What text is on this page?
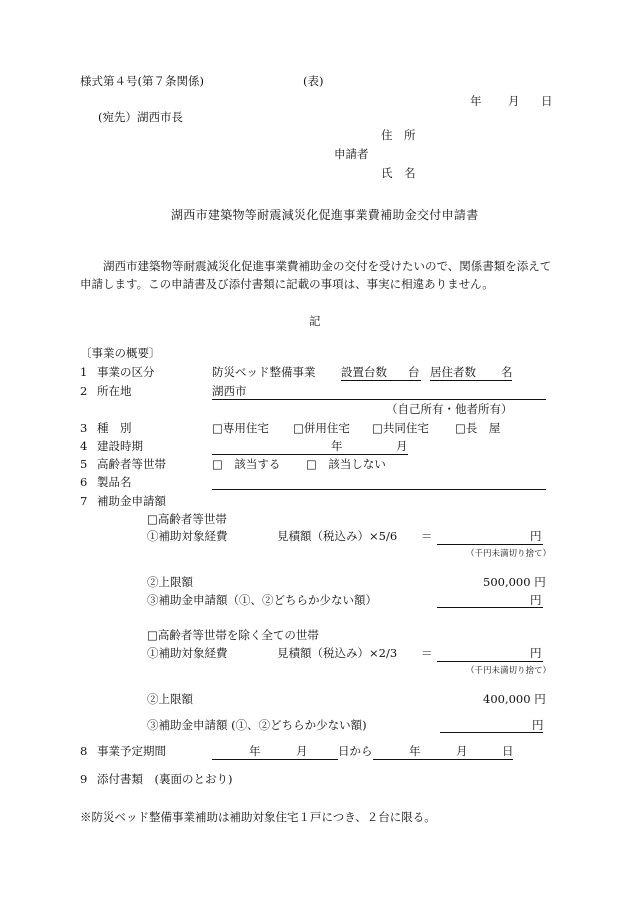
様式第４号(第７条関係)	(表)
年 月 日
(宛先）湖西市長
住　所
申請者
氏　名
湖西市建築物等耐震減災化促進事業費補助金交付申請書
湖西市建築物等耐震減災化促進事業費補助金の交付を受けたいので、関係書類を添えて
申請します。この申請書及び添付書類に記載の事項は、事実に相違ありません。
記
〔事業の概要〕
1 事業の区分	防災ベッド整備事業 設置台数 台 居住者数 名
2 所在地	湖西市
（自己所有・他者所有）
3 種　別	□専用住宅 □併用住宅 □共同住宅 □長　屋
4 建設時期	年	月
5 高齢者等世帯	□　該当する □　該当しない
6 製品名
7 補助金申請額
□高齢者等世帯
①補助対象経費	見積額（税込み）×5/6 ＝	円
（千円未満切り捨て）
②上限額	500,000 円
③補助金申請額（①、②どちらか少ない額）	円
□高齢者等世帯を除く全ての世帯
①補助対象経費	見積額（税込み）×2/3 ＝	円
（千円未満切り捨て）
②上限額	400,000 円
③補助金申請額 (①、②どちらか少ない額)	円
8 事業予定期間	年	月	日から	年	月	日
9 添付書類　(裏面のとおり)
※防災ベッド整備事業補助は補助対象住宅１戸につき、２台に限る。
